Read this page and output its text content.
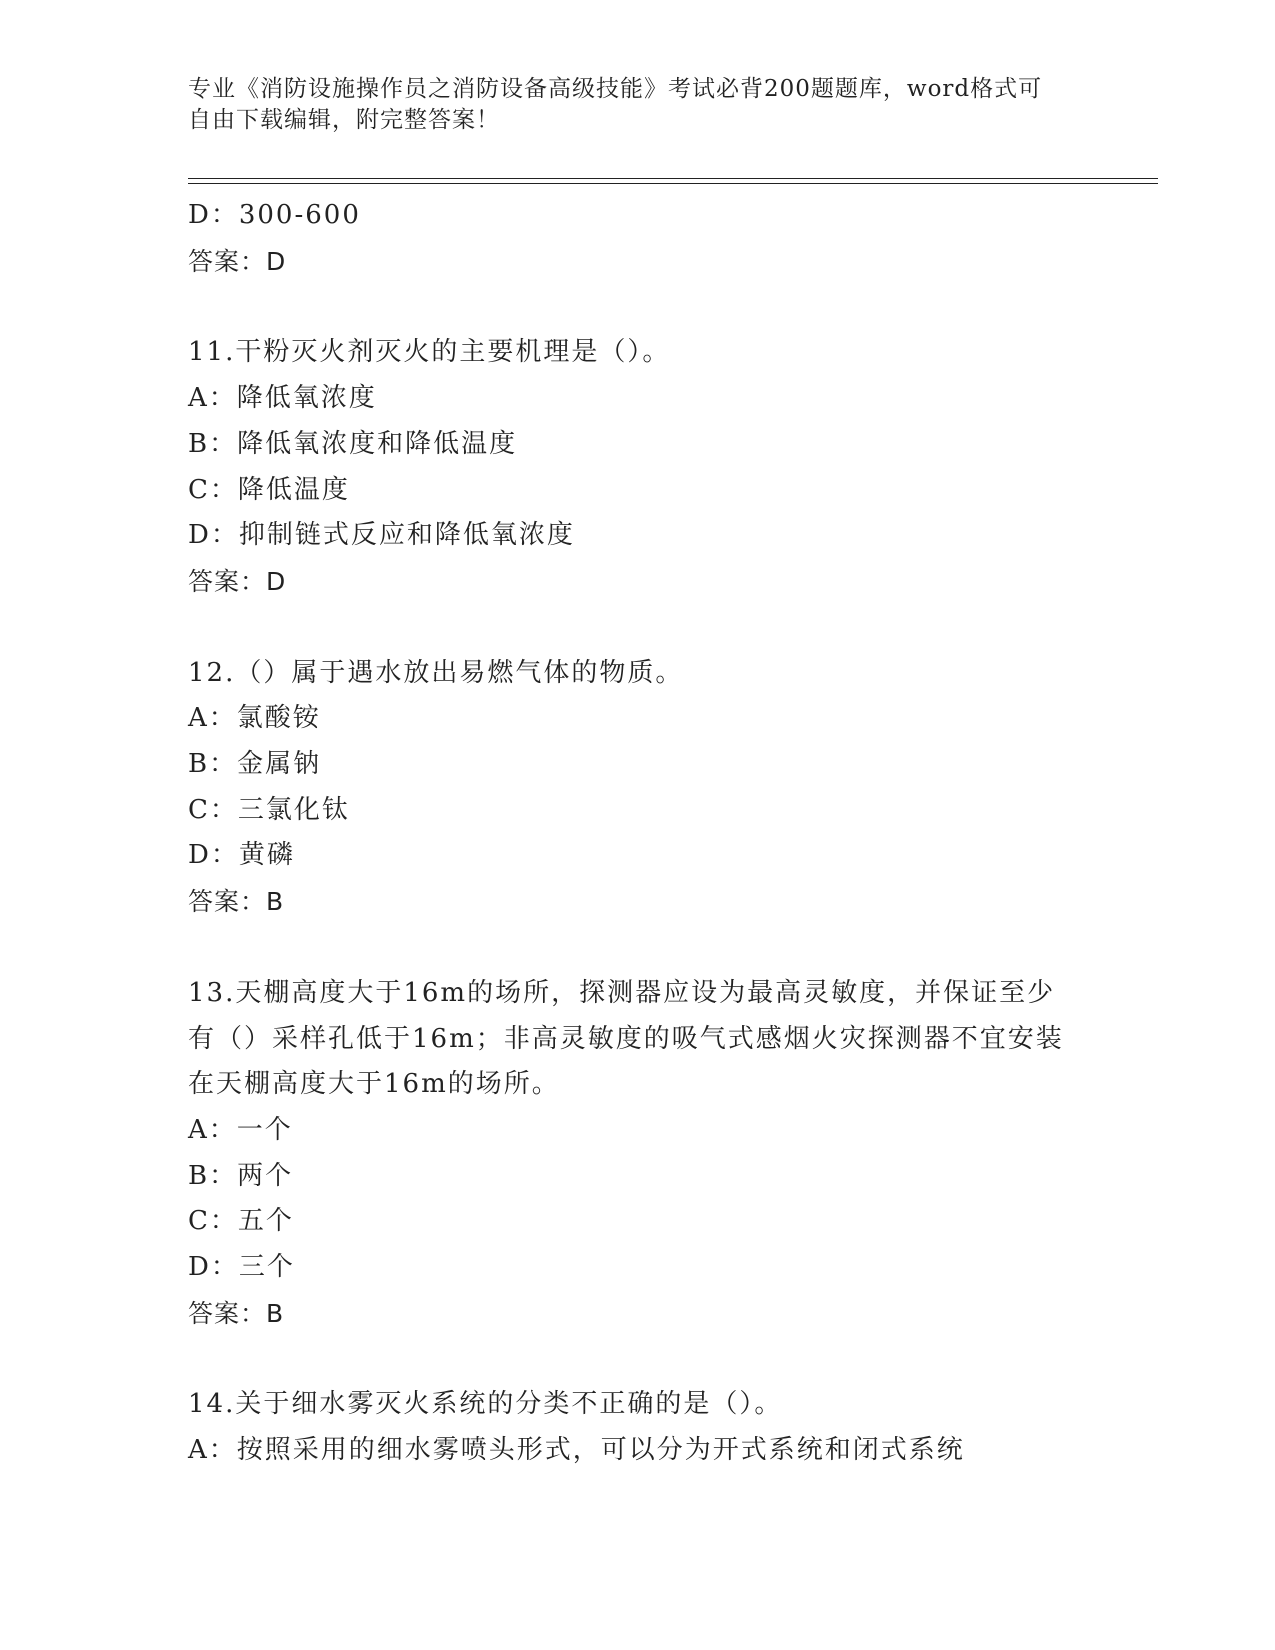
专业《消防设施操作员之消防设备高级技能》考试必背200题题库，word格式可
自由下载编辑，附完整答案！
D：300-600
答案：D
11.干粉灭火剂灭火的主要机理是（）。
A：降低氧浓度
B：降低氧浓度和降低温度
C：降低温度
D：抑制链式反应和降低氧浓度
答案：D
12.（）属于遇水放出易燃气体的物质。
A：氯酸铵
B：金属钠
C：三氯化钛
D：黄磷
答案：B
13.天棚高度大于16m的场所，探测器应设为最高灵敏度，并保证至少
有（）采样孔低于16m；非高灵敏度的吸气式感烟火灾探测器不宜安装
在天棚高度大于16m的场所。
A：一个
B：两个
C：五个
D：三个
答案：B
14.关于细水雾灭火系统的分类不正确的是（）。
A：按照采用的细水雾喷头形式，可以分为开式系统和闭式系统
